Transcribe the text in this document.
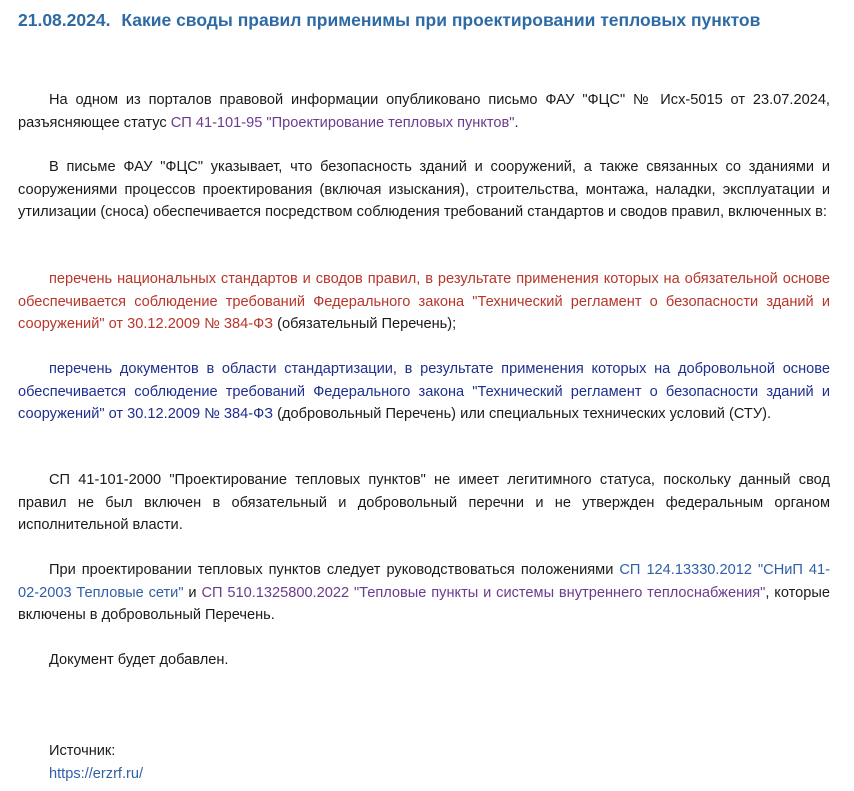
21.08.2024. Какие своды правил применимы при проектировании тепловых пунктов

На одном из порталов правовой информации опубликовано письмо ФАУ "ФЦС" № Исх-5015 от 23.07.2024, разъясняющее статус СП 41-101-95 "Проектирование тепловых пунктов".

В письме ФАУ "ФЦС" указывает, что безопасность зданий и сооружений, а также связанных со зданиями и сооружениями процессов проектирования (включая изыскания), строительства, монтажа, наладки, эксплуатации и утилизации (сноса) обеспечивается посредством соблюдения требований стандартов и сводов правил, включенных в:

перечень национальных стандартов и сводов правил, в результате применения которых на обязательной основе обеспечивается соблюдение требований Федерального закона "Технический регламент о безопасности зданий и сооружений" от 30.12.2009 № 384-ФЗ (обязательный Перечень);

перечень документов в области стандартизации, в результате применения которых на добровольной основе обеспечивается соблюдение требований Федерального закона "Технический регламент о безопасности зданий и сооружений" от 30.12.2009 № 384-ФЗ (добровольный Перечень) или специальных технических условий (СТУ).

СП 41-101-2000 "Проектирование тепловых пунктов" не имеет легитимного статуса, поскольку данный свод правил не был включен в обязательный и добровольный перечни и не утвержден федеральным органом исполнительной власти.

При проектировании тепловых пунктов следует руководствоваться положениями СП 124.13330.2012 "СНиП 41-02-2003 Тепловые сети" и СП 510.1325800.2022 "Тепловые пункты и системы внутреннего теплоснабжения", которые включены в добровольный Перечень.

Документ будет добавлен.

Источник:
https://erzrf.ru/
